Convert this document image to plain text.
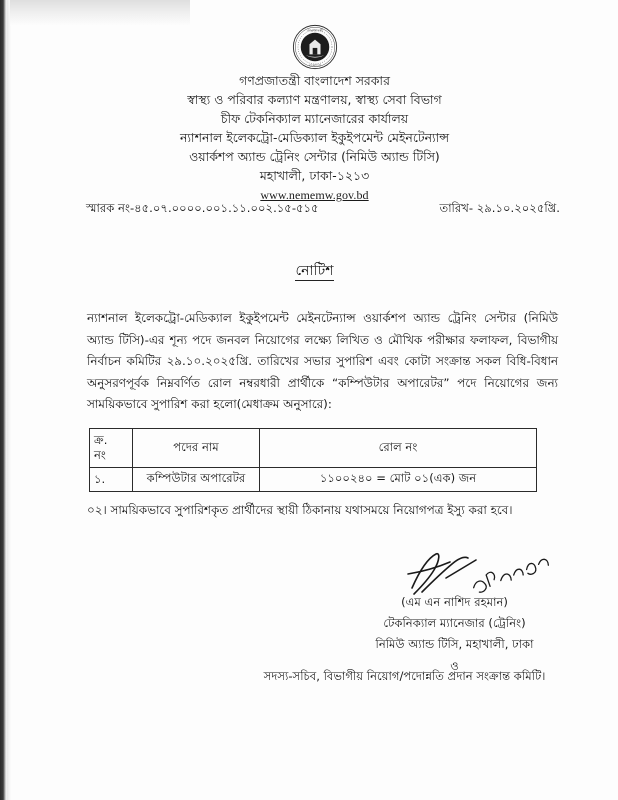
গণপ্রজাতন্ত্রী
বাংলাদেশ
গণপ্রজাতন্ত্রী বাংলাদেশ সরকার
স্বাস্থ্য ও পরিবার কল্যাণ মন্ত্রণালয়, স্বাস্থ্য সেবা বিভাগ
চীফ টেকনিক্যাল ম্যানেজারের কার্যালয়
ন্যাশনাল ইলেকট্রো-মেডিক্যাল ইকুইপমেন্ট মেইনটেন্যান্স
ওয়ার্কশপ অ্যান্ড ট্রেনিং সেন্টার (নিমিউ অ্যান্ড টিসি)
মহাখালী, ঢাকা-১২১৩
www.nememw.gov.bd
স্মারক নং-৪৫.০৭.০০০০.০০১.১১.০০২.১৫-৫১৫	তারিখ- ২৯.১০.২০২৫খ্রি.
নোটিশ
ন্যাশনাল ইলেকট্রো-মেডিক্যাল ইকুইপমেন্ট মেইনটেন্যান্স ওয়ার্কশপ অ্যান্ড ট্রেনিং সেন্টার (নিমিউ অ্যান্ড টিসি)-এর শূন্য পদে জনবল নিয়োগের লক্ষ্যে লিখিত ও মৌখিক পরীক্ষার ফলাফল, বিভাগীয় নির্বাচন কমিটির ২৯.১০.২০২৫খ্রি. তারিখের সভার সুপারিশ এবং কোটা সংক্রান্ত সকল বিধি-বিধান অনুসরণপূর্বক নিম্নবর্ণিত রোল নম্বরধারী প্রার্থীকে “কম্পিউটার অপারেটর” পদে নিয়োগের জন্য সাময়িকভাবে সুপারিশ করা হলো(মেধাক্রম অনুসারে):
ক্র.
নং	পদের নাম	রোল নং
১.	কম্পিউটার অপারেটর	১১০০২৪০ = মোট ০১(এক) জন
০২। সাময়িকভাবে সুপারিশকৃত প্রার্থীদের স্থায়ী ঠিকানায় যথাসময়ে নিয়োগপত্র ইস্যু করা হবে।
(এম এন নাশিদ রহমান)
টেকনিক্যাল ম্যানেজার (ট্রেনিং)
নিমিউ অ্যান্ড টিসি, মহাখালী, ঢাকা
ও
সদস্য-সচিব, বিভাগীয় নিয়োগ/পদোন্নতি প্রদান সংক্রান্ত কমিটি।
